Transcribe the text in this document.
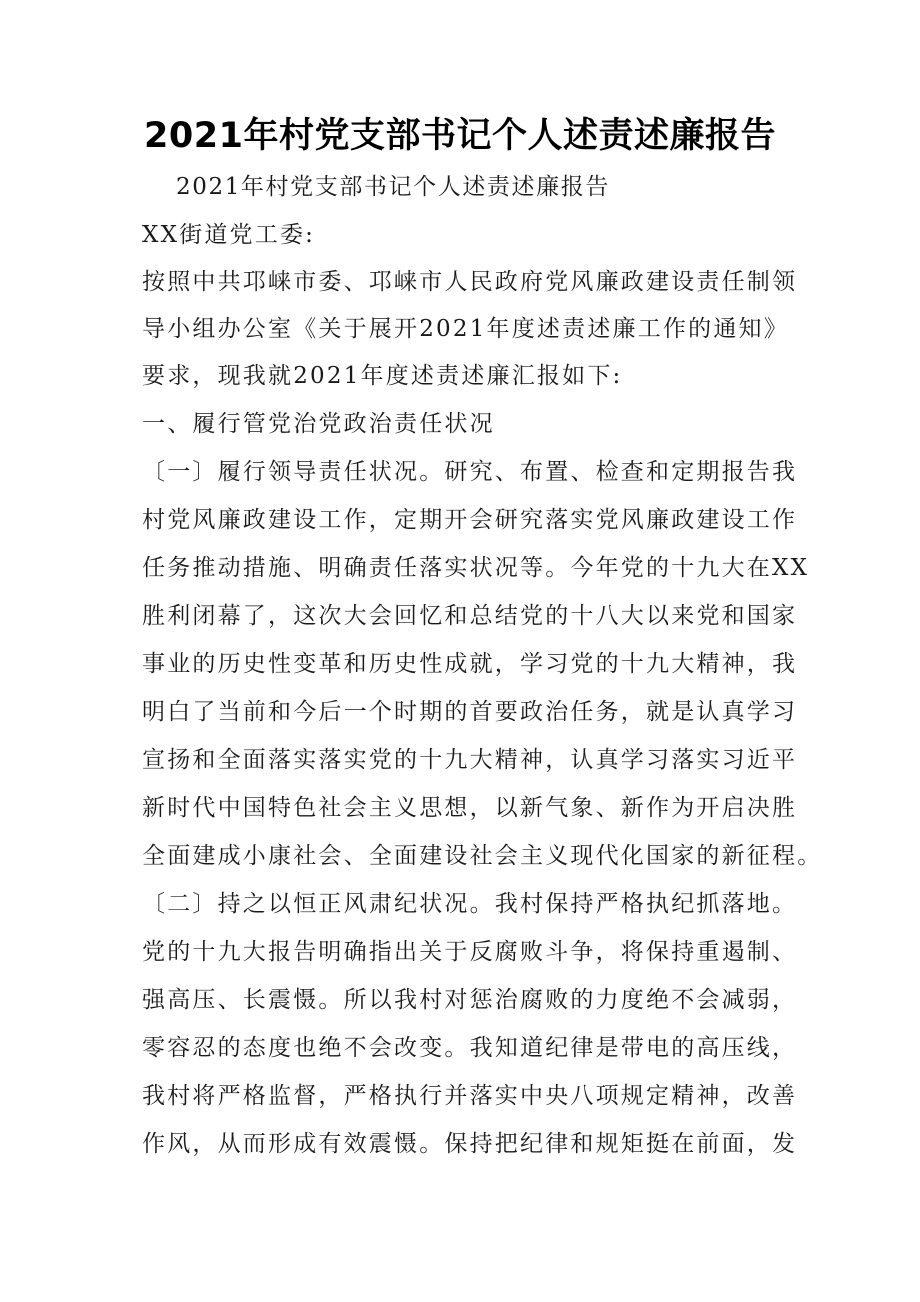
2021年村党支部书记个人述责述廉报告
2021年村党支部书记个人述责述廉报告
XX街道党工委:
按照中共邛崃市委、邛崃市人民政府党风廉政建设责任制领
导小组办公室《关于展开2021年度述责述廉工作的通知》
要求，现我就2021年度述责述廉汇报如下:
一、履行管党治党政治责任状况
〔一〕履行领导责任状况。研究、布置、检查和定期报告我
村党风廉政建设工作，定期开会研究落实党风廉政建设工作
任务推动措施、明确责任落实状况等。今年党的十九大在XX
胜利闭幕了，这次大会回忆和总结党的十八大以来党和国家
事业的历史性变革和历史性成就，学习党的十九大精神，我
明白了当前和今后一个时期的首要政治任务，就是认真学习
宣扬和全面落实落实党的十九大精神，认真学习落实习近平
新时代中国特色社会主义思想，以新气象、新作为开启决胜
全面建成小康社会、全面建设社会主义现代化国家的新征程。
〔二〕持之以恒正风肃纪状况。我村保持严格执纪抓落地。
党的十九大报告明确指出关于反腐败斗争，将保持重遏制、
强高压、长震慑。所以我村对惩治腐败的力度绝不会减弱，
零容忍的态度也绝不会改变。我知道纪律是带电的高压线，
我村将严格监督，严格执行并落实中央八项规定精神，改善
作风，从而形成有效震慑。保持把纪律和规矩挺在前面，发
